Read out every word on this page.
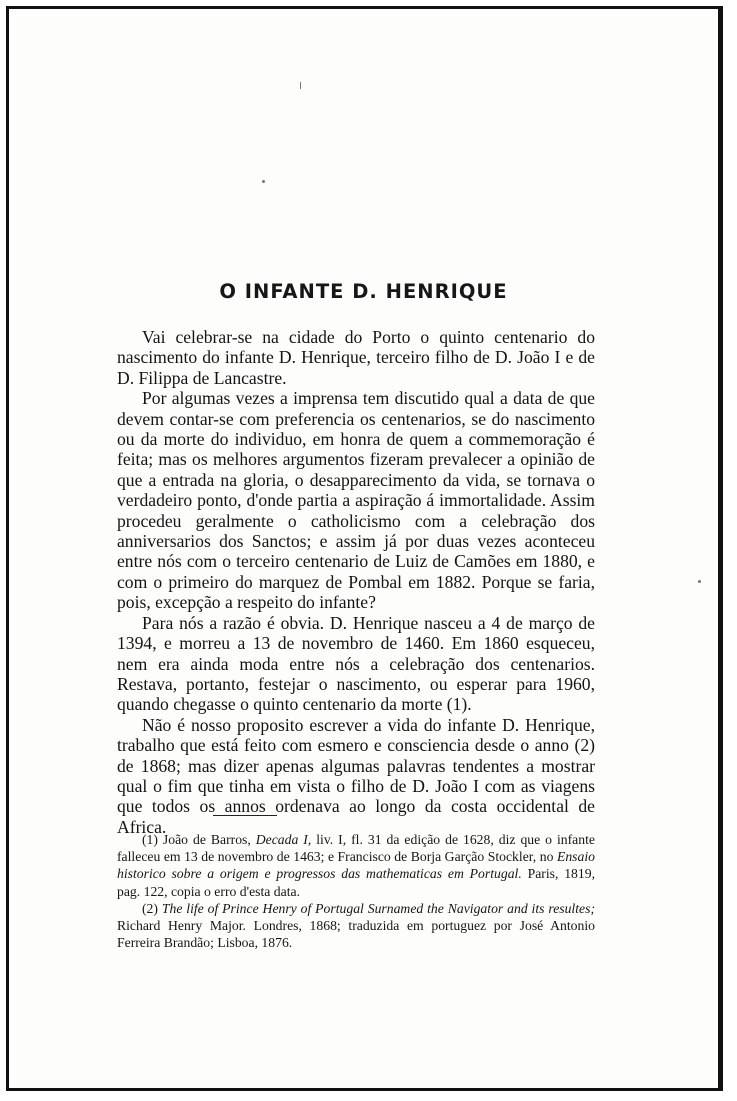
O INFANTE D. HENRIQUE

Vai celebrar-se na cidade do Porto o quinto centenario do nascimento do infante D. Henrique, terceiro filho de D. João I e de D. Filippa de Lancastre.

Por algumas vezes a imprensa tem discutido qual a data de que devem contar-se com preferencia os centenarios, se do nascimento ou da morte do individuo, em honra de quem a commemoração é feita; mas os melhores argumentos fizeram prevalecer a opinião de que a entrada na gloria, o desapparecimento da vida, se tornava o verdadeiro ponto, d'onde partia a aspiração á immortalidade. Assim procedeu geralmente o catholicismo com a celebração dos anniversarios dos Sanctos; e assim já por duas vezes aconteceu entre nós com o terceiro centenario de Luiz de Camões em 1880, e com o primeiro do marquez de Pombal em 1882. Porque se faria, pois, excepção a respeito do infante?

Para nós a razão é obvia. D. Henrique nasceu a 4 de março de 1394, e morreu a 13 de novembro de 1460. Em 1860 esqueceu, nem era ainda moda entre nós a celebração dos centenarios. Restava, portanto, festejar o nascimento, ou esperar para 1960, quando chegasse o quinto centenario da morte (1).

Não é nosso proposito escrever a vida do infante D. Henrique, trabalho que está feito com esmero e consciencia desde o anno (2) de 1868; mas dizer apenas algumas palavras tendentes a mostrar qual o fim que tinha em vista o filho de D. João I com as viagens que todos os annos ordenava ao longo da costa occidental de Africa.

(1) João de Barros, Decada I, liv. I, fl. 31 da edição de 1628, diz que o infante falleceu em 13 de novembro de 1463; e Francisco de Borja Garção Stockler, no Ensaio historico sobre a origem e progressos das mathematicas em Portugal. Paris, 1819, pag. 122, copia o erro d'esta data.

(2) The life of Prince Henry of Portugal Surnamed the Navigator and its resultes; Richard Henry Major. Londres, 1868; traduzida em portuguez por José Antonio Ferreira Brandão; Lisboa, 1876.
